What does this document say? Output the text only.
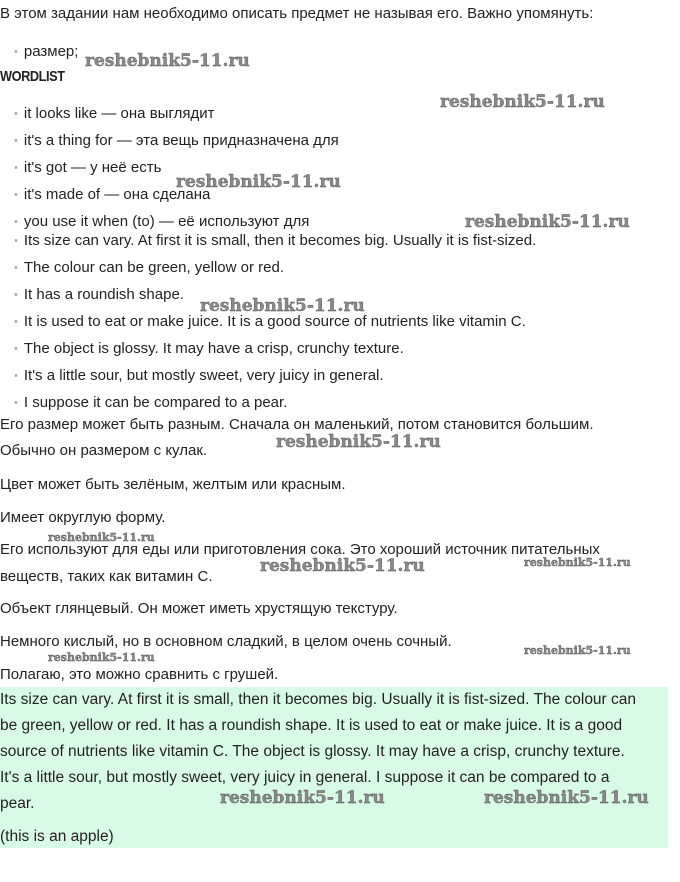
В этом задании нам необходимо описать предмет не называя его. Важно упомянуть:
• размер;
WORDLIST
• it looks like — она выглядит
• it's a thing for — эта вещь придназначена для
• it's got — у неё есть
• it's made of — она сделана
• you use it when (to) — её используют для
• Its size can vary. At first it is small, then it becomes big. Usually it is fist-sized.
• The colour can be green, yellow or red.
• It has a roundish shape.
• It is used to eat or make juice. It is a good source of nutrients like vitamin C.
• The object is glossy. It may have a crisp, crunchy texture.
• It's a little sour, but mostly sweet, very juicy in general.
• I suppose it can be compared to a pear.
Его размер может быть разным. Сначала он маленький, потом становится большим.
Обычно он размером с кулак.
Цвет может быть зелёным, желтым или красным.
Имеет округлую форму.
Его используют для еды или приготовления сока. Это хороший источник питательных
веществ, таких как витамин С.
Объект глянцевый. Он может иметь хрустящую текстуру.
Немного кислый, но в основном сладкий, в целом очень сочный.
Полагаю, это можно сравнить с грушей.
Its size can vary. At first it is small, then it becomes big. Usually it is fist-sized. The colour can
be green, yellow or red. It has a roundish shape. It is used to eat or make juice. It is a good
source of nutrients like vitamin C. The object is glossy. It may have a crisp, crunchy texture.
It's a little sour, but mostly sweet, very juicy in general. I suppose it can be compared to a
pear.
(this is an apple)
reshebnik5-11.ru
reshebnik5-11.ru
reshebnik5-11.ru
reshebnik5-11.ru
reshebnik5-11.ru
reshebnik5-11.ru
reshebnik5-11.ru
reshebnik5-11.ru	reshebnik5-11.ru
reshebnik5-11.ru
reshebnik5-11.ru
reshebnik5-11.ru	reshebnik5-11.ru
